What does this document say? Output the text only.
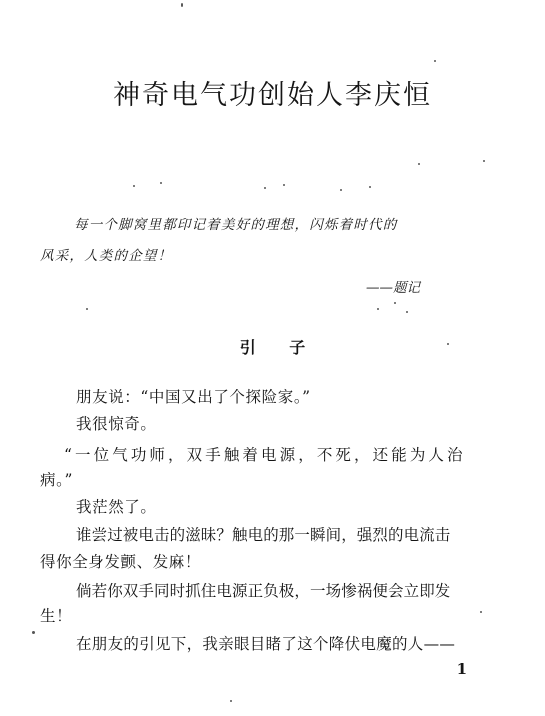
神奇电气功创始人李庆恒
每一个脚窝里都印记着美好的理想，闪烁着时代的
风采，人类的企望！
——题记
引 子
朋友说：“中国又出了个探险家。”
我很惊奇。
“一位气功师，双手触着电源，不死，还能为人治
病。”
我茫然了。
谁尝过被电击的滋昧？触电的那一瞬间，强烈的电流击
得你全身发颤、发麻！
倘若你双手同时抓住电源正负极，一场惨祸便会立即发
生！
在朋友的引见下，我亲眼目睹了这个降伏电魔的人——
1
